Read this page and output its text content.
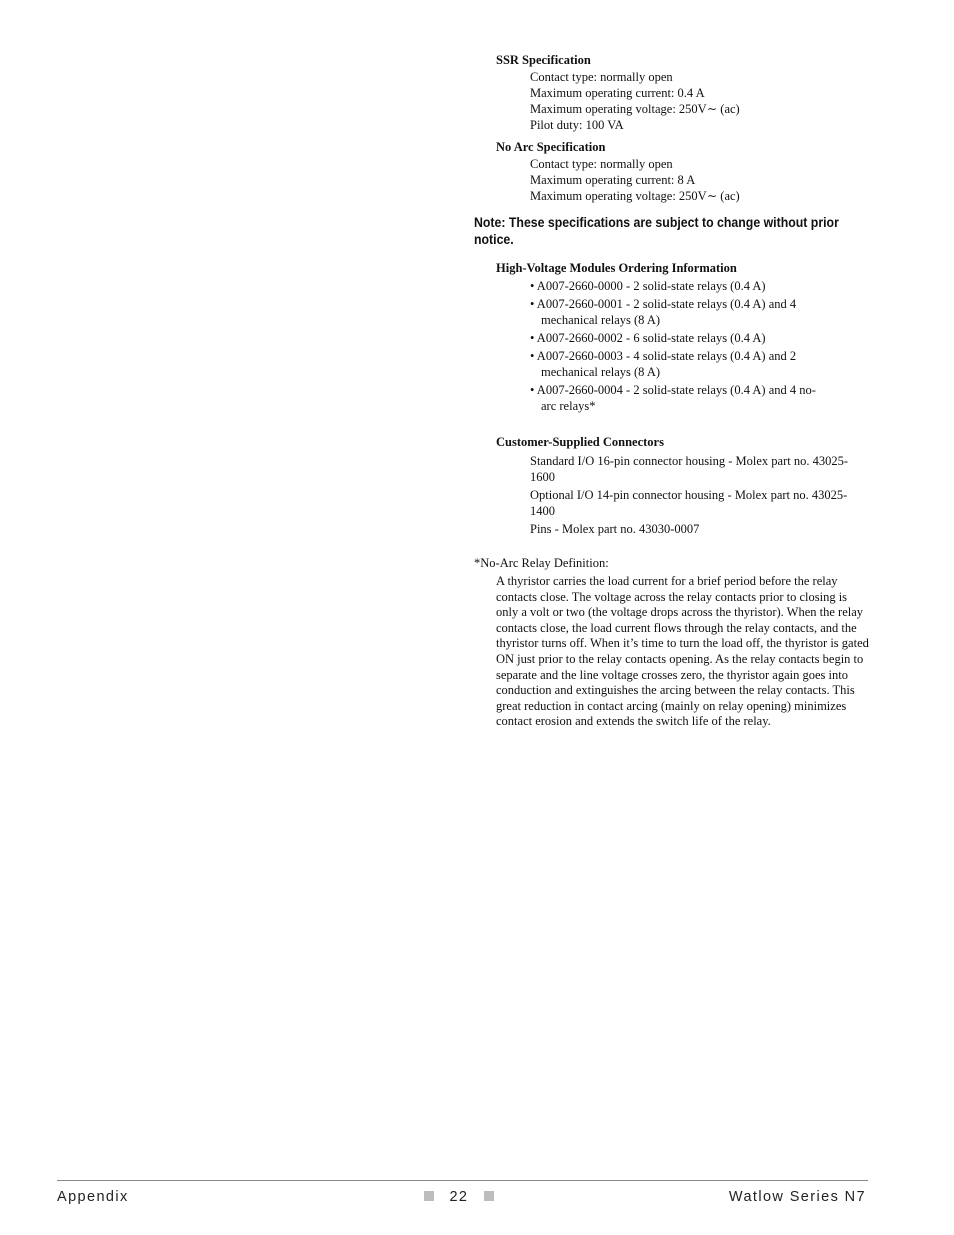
SSR Specification
Contact type: normally open
Maximum operating current: 0.4 A
Maximum operating voltage: 250V∼ (ac)
Pilot duty: 100 VA
No Arc Specification
Contact type: normally open
Maximum operating current: 8 A
Maximum operating voltage: 250V∼ (ac)
Note: These specifications are subject to change without prior notice.
High-Voltage Modules Ordering Information
• A007-2660-0000 - 2 solid-state relays (0.4 A)
• A007-2660-0001 - 2 solid-state relays (0.4 A) and 4 mechanical relays (8 A)
• A007-2660-0002 - 6 solid-state relays (0.4 A)
• A007-2660-0003 - 4 solid-state relays (0.4 A) and 2 mechanical relays (8 A)
• A007-2660-0004 - 2 solid-state relays (0.4 A) and 4 no-arc relays*
Customer-Supplied Connectors
Standard I/O 16-pin connector housing - Molex part no. 43025-1600
Optional I/O 14-pin connector housing - Molex part no. 43025-1400
Pins - Molex part no. 43030-0007
*No-Arc Relay Definition:
A thyristor carries the load current for a brief period before the relay contacts close. The voltage across the relay contacts prior to closing is only a volt or two (the voltage drops across the thyristor). When the relay contacts close, the load current flows through the relay contacts, and the thyristor turns off. When it’s time to turn the load off, the thyristor is gated ON just prior to the relay contacts opening. As the relay contacts begin to separate and the line voltage crosses zero, the thyristor again goes into conduction and extinguishes the arcing between the relay contacts. This great reduction in contact arcing (mainly on relay opening) minimizes contact erosion and extends the switch life of the relay.
Appendix	22	Watlow Series N7
